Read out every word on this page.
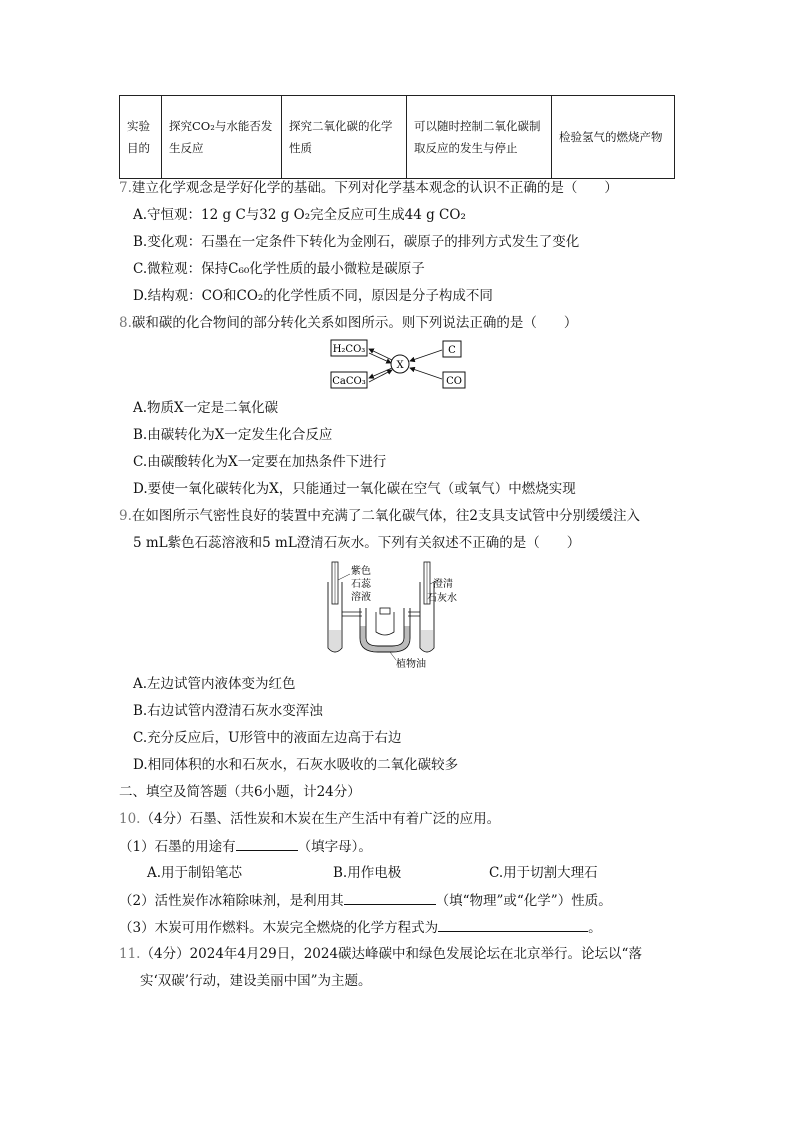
实验目的	探究CO₂与水能否发生反应	探究二氧化碳的化学性质	可以随时控制二氧化碳制取反应的发生与停止	检验氢气的燃烧产物
7.建立化学观念是学好化学的基础。下列对化学基本观念的认识不正确的是（　　）
A.守恒观：12 g C与32 g O₂完全反应可生成44 g CO₂
B.变化观：石墨在一定条件下转化为金刚石，碳原子的排列方式发生了变化
C.微粒观：保持C₆₀化学性质的最小微粒是碳原子
D.结构观：CO和CO₂的化学性质不同，原因是分子构成不同
8.碳和碳的化合物间的部分转化关系如图所示。则下列说法正确的是（　　）
H₂CO₃
CaCO₃
X
C
CO
A.物质X一定是二氧化碳
B.由碳转化为X一定发生化合反应
C.由碳酸转化为X一定要在加热条件下进行
D.要使一氧化碳转化为X，只能通过一氧化碳在空气（或氧气）中燃烧实现
9.在如图所示气密性良好的装置中充满了二氧化碳气体，往2支具支试管中分别缓缓注入
5 mL紫色石蕊溶液和5 mL澄清石灰水。下列有关叙述不正确的是（　　）
紫色
石蕊
溶液
澄清
石灰水
植物油
A.左边试管内液体变为红色
B.右边试管内澄清石灰水变浑浊
C.充分反应后，U形管中的液面左边高于右边
D.相同体积的水和石灰水，石灰水吸收的二氧化碳较多
二、填空及简答题（共6小题，计24分）
10.（4分）石墨、活性炭和木炭在生产生活中有着广泛的应用。
（1）石墨的用途有	（填字母）。
A.用于制铅笔芯	B.用作电极	C.用于切割大理石
（2）活性炭作冰箱除味剂，是利用其	（填“物理”或“化学”）性质。
（3）木炭可用作燃料。木炭完全燃烧的化学方程式为	。
11.（4分）2024年4月29日，2024碳达峰碳中和绿色发展论坛在北京举行。论坛以“落
实‘双碳’行动，建设美丽中国”为主题。
